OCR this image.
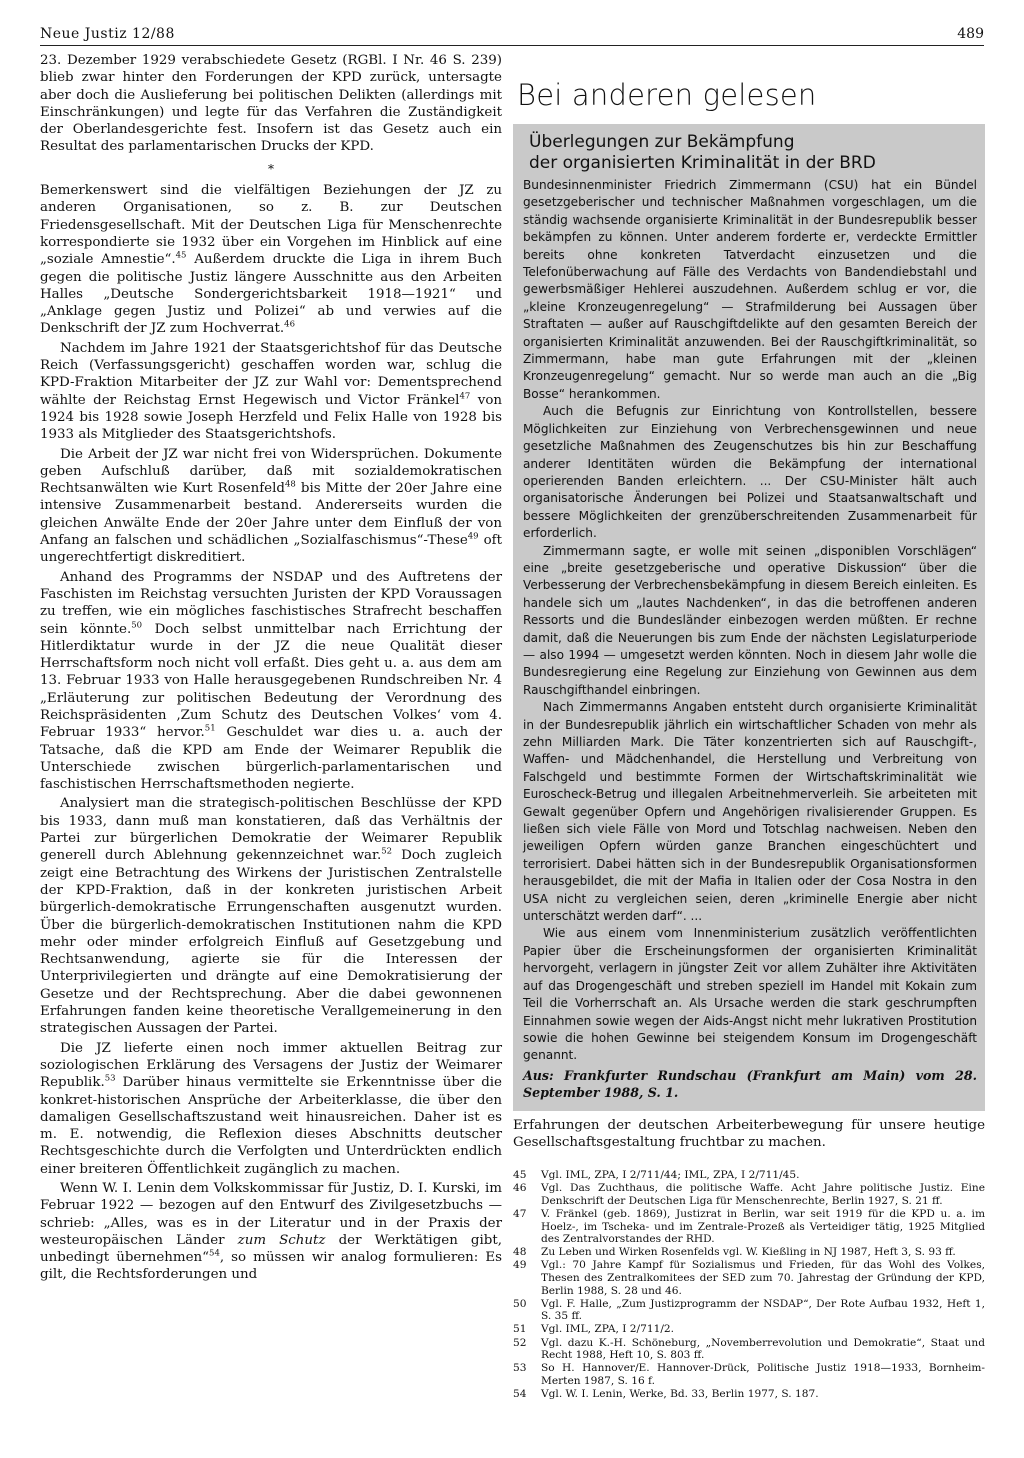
Neue Justiz 12/88	489

23. Dezember 1929 verabschiedete Gesetz (RGBl. I Nr. 46 S. 239) blieb zwar hinter den Forderungen der KPD zurück, untersagte aber doch die Auslieferung bei politischen Delikten (allerdings mit Einschränkungen) und legte für das Verfahren die Zuständigkeit der Oberlandesgerichte fest. Insofern ist das Gesetz auch ein Resultat des parlamentarischen Drucks der KPD.

*

Bemerkenswert sind die vielfältigen Beziehungen der JZ zu anderen Organisationen, so z. B. zur Deutschen Friedensgesellschaft. Mit der Deutschen Liga für Menschenrechte korrespondierte sie 1932 über ein Vorgehen im Hinblick auf eine „soziale Amnestie“.$^{45}$ Außerdem druckte die Liga in ihrem Buch gegen die politische Justiz längere Ausschnitte aus den Arbeiten Halles „Deutsche Sondergerichtsbarkeit 1918—1921“ und „Anklage gegen Justiz und Polizei“ ab und verwies auf die Denkschrift der JZ zum Hochverrat.$^{46}$

Nachdem im Jahre 1921 der Staatsgerichtshof für das Deutsche Reich (Verfassungsgericht) geschaffen worden war, schlug die KPD-Fraktion Mitarbeiter der JZ zur Wahl vor: Dementsprechend wählte der Reichstag Ernst Hegewisch und Victor Fränkel$^{47}$ von 1924 bis 1928 sowie Joseph Herzfeld und Felix Halle von 1928 bis 1933 als Mitglieder des Staatsgerichtshofs.

Die Arbeit der JZ war nicht frei von Widersprüchen. Dokumente geben Aufschluß darüber, daß mit sozialdemokratischen Rechtsanwälten wie Kurt Rosenfeld$^{48}$ bis Mitte der 20er Jahre eine intensive Zusammenarbeit bestand. Andererseits wurden die gleichen Anwälte Ende der 20er Jahre unter dem Einfluß der von Anfang an falschen und schädlichen „Sozialfaschismus“-These$^{49}$ oft ungerechtfertigt diskreditiert.

Anhand des Programms der NSDAP und des Auftretens der Faschisten im Reichstag versuchten Juristen der KPD Voraussagen zu treffen, wie ein mögliches faschistisches Strafrecht beschaffen sein könnte.$^{50}$ Doch selbst unmittelbar nach Errichtung der Hitlerdiktatur wurde in der JZ die neue Qualität dieser Herrschaftsform noch nicht voll erfaßt. Dies geht u. a. aus dem am 13. Februar 1933 von Halle herausgegebenen Rundschreiben Nr. 4 „Erläuterung zur politischen Bedeutung der Verordnung des Reichspräsidenten ‚Zum Schutz des Deutschen Volkes‘ vom 4. Februar 1933“ hervor.$^{51}$ Geschuldet war dies u. a. auch der Tatsache, daß die KPD am Ende der Weimarer Republik die Unterschiede zwischen bürgerlich-parlamentarischen und faschistischen Herrschaftsmethoden negierte.

Analysiert man die strategisch-politischen Beschlüsse der KPD bis 1933, dann muß man konstatieren, daß das Verhältnis der Partei zur bürgerlichen Demokratie der Weimarer Republik generell durch Ablehnung gekennzeichnet war.$^{52}$ Doch zugleich zeigt eine Betrachtung des Wirkens der Juristischen Zentralstelle der KPD-Fraktion, daß in der konkreten juristischen Arbeit bürgerlich-demokratische Errungenschaften ausgenutzt wurden. Über die bürgerlich-demokratischen Institutionen nahm die KPD mehr oder minder erfolgreich Einfluß auf Gesetzgebung und Rechtsanwendung, agierte sie für die Interessen der Unterprivilegierten und drängte auf eine Demokratisierung der Gesetze und der Rechtsprechung. Aber die dabei gewonnenen Erfahrungen fanden keine theoretische Verallgemeinerung in den strategischen Aussagen der Partei.

Die JZ lieferte einen noch immer aktuellen Beitrag zur soziologischen Erklärung des Versagens der Justiz der Weimarer Republik.$^{53}$ Darüber hinaus vermittelte sie Erkenntnisse über die konkret-historischen Ansprüche der Arbeiterklasse, die über den damaligen Gesellschaftszustand weit hinausreichen. Daher ist es m. E. notwendig, die Reflexion dieses Abschnitts deutscher Rechtsgeschichte durch die Verfolgten und Unterdrückten endlich einer breiteren Öffentlichkeit zugänglich zu machen.

Wenn W. I. Lenin dem Volkskommissar für Justiz, D. I. Kurski, im Februar 1922 — bezogen auf den Entwurf des Zivilgesetzbuchs — schrieb: „Alles, was es in der Literatur und in der Praxis der westeuropäischen Länder zum Schutz der Werktätigen gibt, unbedingt übernehmen“$^{54}$, so müssen wir analog formulieren: Es gilt, die Rechtsforderungen und

Bei anderen gelesen
Überlegungen zur Bekämpfung
der organisierten Kriminalität in der BRD

Bundesinnenminister Friedrich Zimmermann (CSU) hat ein Bündel gesetzgeberischer und technischer Maßnahmen vorgeschlagen, um die ständig wachsende organisierte Kriminalität in der Bundesrepublik besser bekämpfen zu können. Unter anderem forderte er, verdeckte Ermittler bereits ohne konkreten Tatverdacht einzusetzen und die Telefonüberwachung auf Fälle des Verdachts von Bandendiebstahl und gewerbsmäßiger Hehlerei auszudehnen. Außerdem schlug er vor, die „kleine Kronzeugenregelung“ — Strafmilderung bei Aussagen über Straftaten — außer auf Rauschgiftdelikte auf den gesamten Bereich der organisierten Kriminalität anzuwenden. Bei der Rauschgiftkriminalität, so Zimmermann, habe man gute Erfahrungen mit der „kleinen Kronzeugenregelung“ gemacht. Nur so werde man auch an die „Big Bosse“ herankommen.

Auch die Befugnis zur Einrichtung von Kontrollstellen, bessere Möglichkeiten zur Einziehung von Verbrechensgewinnen und neue gesetzliche Maßnahmen des Zeugenschutzes bis hin zur Beschaffung anderer Identitäten würden die Bekämpfung der international operierenden Banden erleichtern. ... Der CSU-Minister hält auch organisatorische Änderungen bei Polizei und Staatsanwaltschaft und bessere Möglichkeiten der grenzüberschreitenden Zusammenarbeit für erforderlich.

Zimmermann sagte, er wolle mit seinen „disponiblen Vorschlägen“ eine „breite gesetzgeberische und operative Diskussion“ über die Verbesserung der Verbrechensbekämpfung in diesem Bereich einleiten. Es handele sich um „lautes Nachdenken“, in das die betroffenen anderen Ressorts und die Bundesländer einbezogen werden müßten. Er rechne damit, daß die Neuerungen bis zum Ende der nächsten Legislaturperiode — also 1994 — umgesetzt werden könnten. Noch in diesem Jahr wolle die Bundesregierung eine Regelung zur Einziehung von Gewinnen aus dem Rauschgifthandel einbringen.

Nach Zimmermanns Angaben entsteht durch organisierte Kriminalität in der Bundesrepublik jährlich ein wirtschaftlicher Schaden von mehr als zehn Milliarden Mark. Die Täter konzentrierten sich auf Rauschgift-, Waffen- und Mädchenhandel, die Herstellung und Verbreitung von Falschgeld und bestimmte Formen der Wirtschaftskriminalität wie Euroscheck-Betrug und illegalen Arbeitnehmerverleih. Sie arbeiteten mit Gewalt gegenüber Opfern und Angehörigen rivalisierender Gruppen. Es ließen sich viele Fälle von Mord und Totschlag nachweisen. Neben den jeweiligen Opfern würden ganze Branchen eingeschüchtert und terrorisiert. Dabei hätten sich in der Bundesrepublik Organisationsformen herausgebildet, die mit der Mafia in Italien oder der Cosa Nostra in den USA nicht zu vergleichen seien, deren „kriminelle Energie aber nicht unterschätzt werden darf“. ...

Wie aus einem vom Innenministerium zusätzlich veröffentlichten Papier über die Erscheinungsformen der organisierten Kriminalität hervorgeht, verlagern in jüngster Zeit vor allem Zuhälter ihre Aktivitäten auf das Drogengeschäft und streben speziell im Handel mit Kokain zum Teil die Vorherrschaft an. Als Ursache werden die stark geschrumpften Einnahmen sowie wegen der Aids-Angst nicht mehr lukrativen Prostitution sowie die hohen Gewinne bei steigendem Konsum im Drogengeschäft genannt.

Aus: Frankfurter Rundschau (Frankfurt am Main) vom 28. September 1988, S. 1.
Erfahrungen der deutschen Arbeiterbewegung für unsere heutige Gesellschaftsgestaltung fruchtbar zu machen.
45	Vgl. IML, ZPA, I 2/711/44; IML, ZPA, I 2/711/45.
46	Vgl. Das Zuchthaus, die politische Waffe. Acht Jahre politische Justiz. Eine Denkschrift der Deutschen Liga für Menschenrechte, Berlin 1927, S. 21 ff.
47	V. Fränkel (geb. 1869), Justizrat in Berlin, war seit 1919 für die KPD u. a. im Hoelz-, im Tscheka- und im Zentrale-Prozeß als Verteidiger tätig, 1925 Mitglied des Zentralvorstandes der RHD.
48	Zu Leben und Wirken Rosenfelds vgl. W. Kießling in NJ 1987, Heft 3, S. 93 ff.
49	Vgl.: 70 Jahre Kampf für Sozialismus und Frieden, für das Wohl des Volkes, Thesen des Zentralkomitees der SED zum 70. Jahrestag der Gründung der KPD, Berlin 1988, S. 28 und 46.
50	Vgl. F. Halle, „Zum Justizprogramm der NSDAP“, Der Rote Aufbau 1932, Heft 1, S. 35 ff.
51	Vgl. IML, ZPA, I 2/711/2.
52	Vgl. dazu K.-H. Schöneburg, „Novemberrevolution und Demokratie“, Staat und Recht 1988, Heft 10, S. 803 ff.
53	So H. Hannover/E. Hannover-Drück, Politische Justiz 1918—1933, Bornheim-Merten 1987, S. 16 f.
54	Vgl. W. I. Lenin, Werke, Bd. 33, Berlin 1977, S. 187.
